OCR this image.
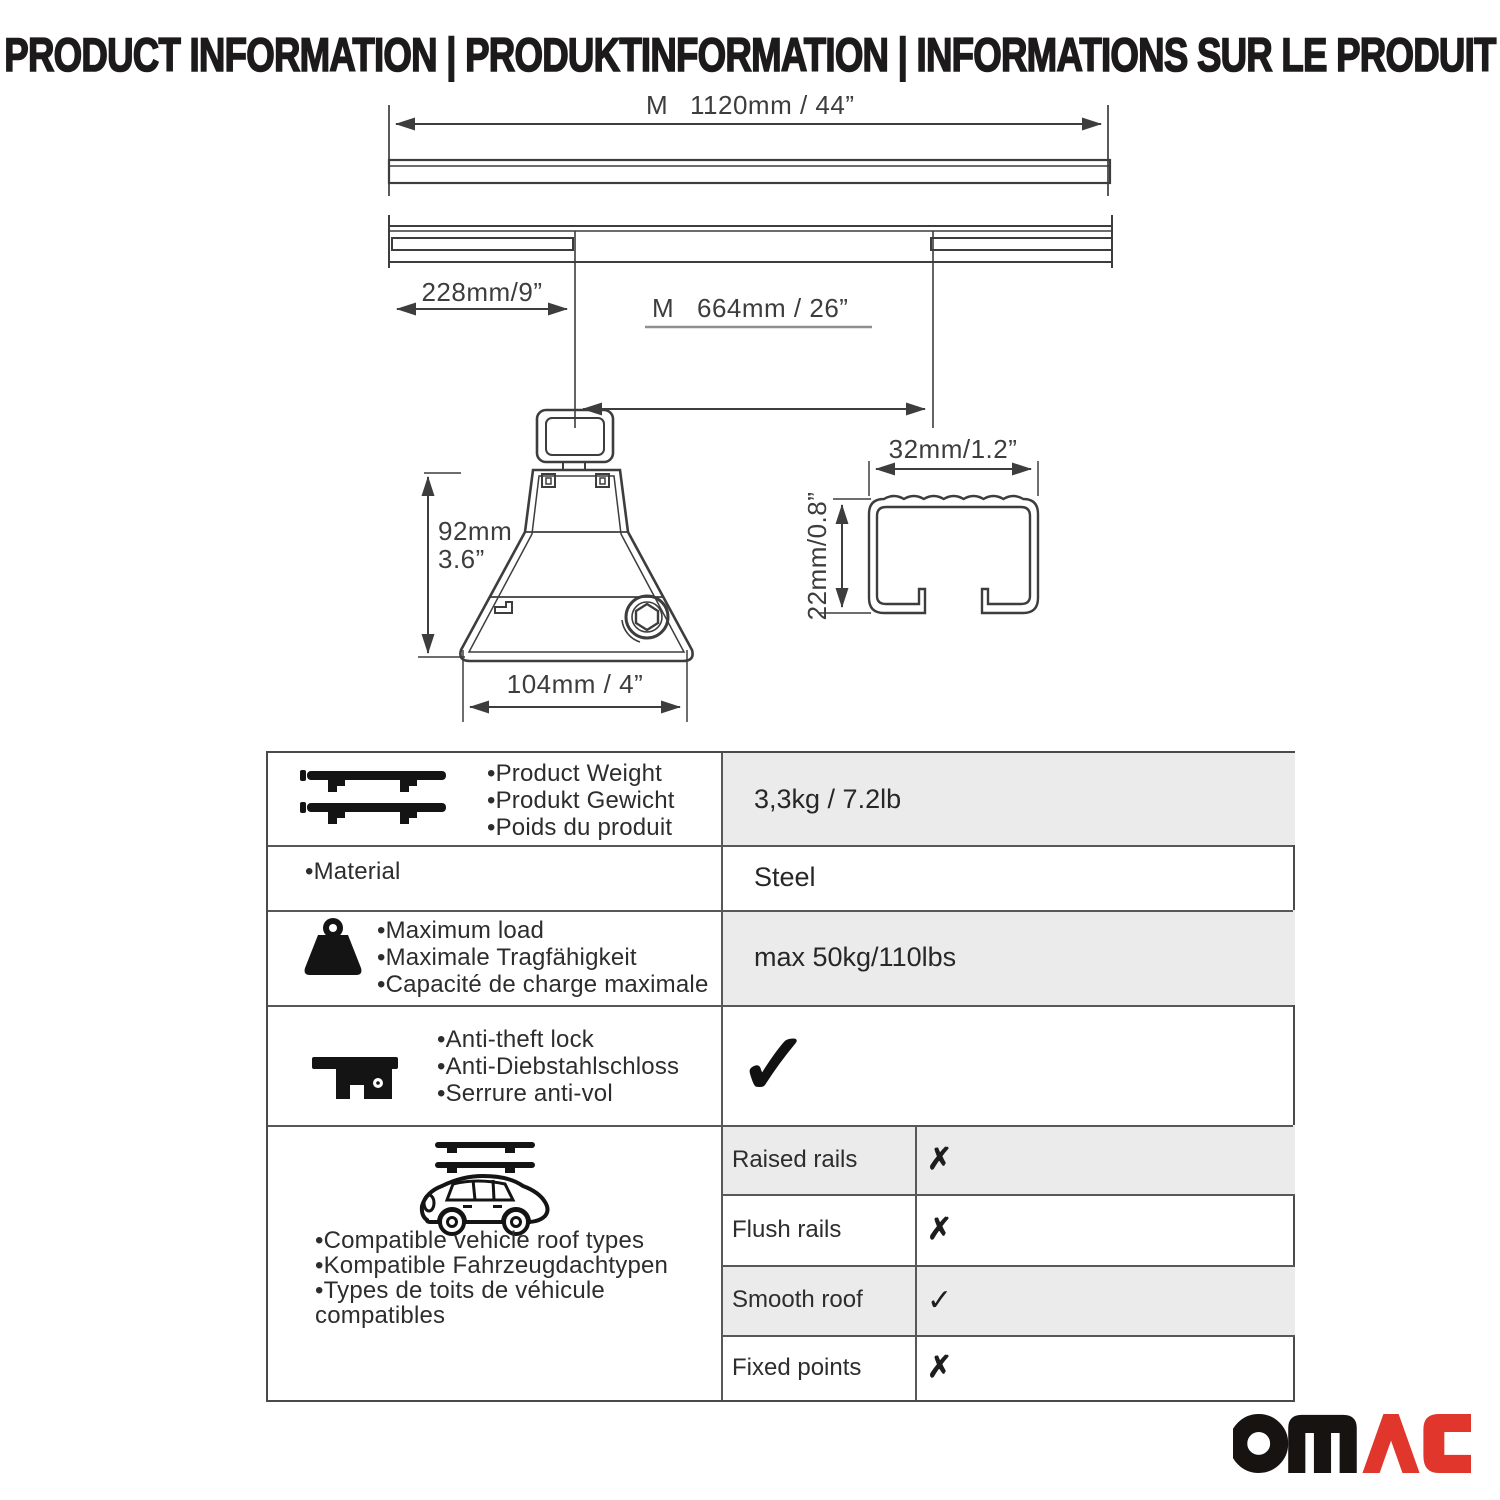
PRODUCT INFORMATION | PRODUKTINFORMATION | INFORMATIONS SUR LE PRODUIT
M 1120mm / 44”
228mm/9”
M 664mm / 26”
92mm
3.6”
104mm / 4”
32mm/1.2”
22mm/0.8”
•Product Weight
•Produkt Gewicht
•Poids du produit
3,3kg / 7.2lb
•Material	Steel
•Maximum load
•Maximale Tragfähigkeit
•Capacité de charge maximale
max 50kg/110lbs
•Anti-theft lock
•Anti-Diebstahlschloss
•Serrure anti-vol	✓
•Compatible vehicle roof types
•Kompatible Fahrzeugdachtypen
•Types de toits de véhicule
compatibles
Raised rails ✗
Flush rails	✗
Smooth roof ✓
Fixed points ✗
